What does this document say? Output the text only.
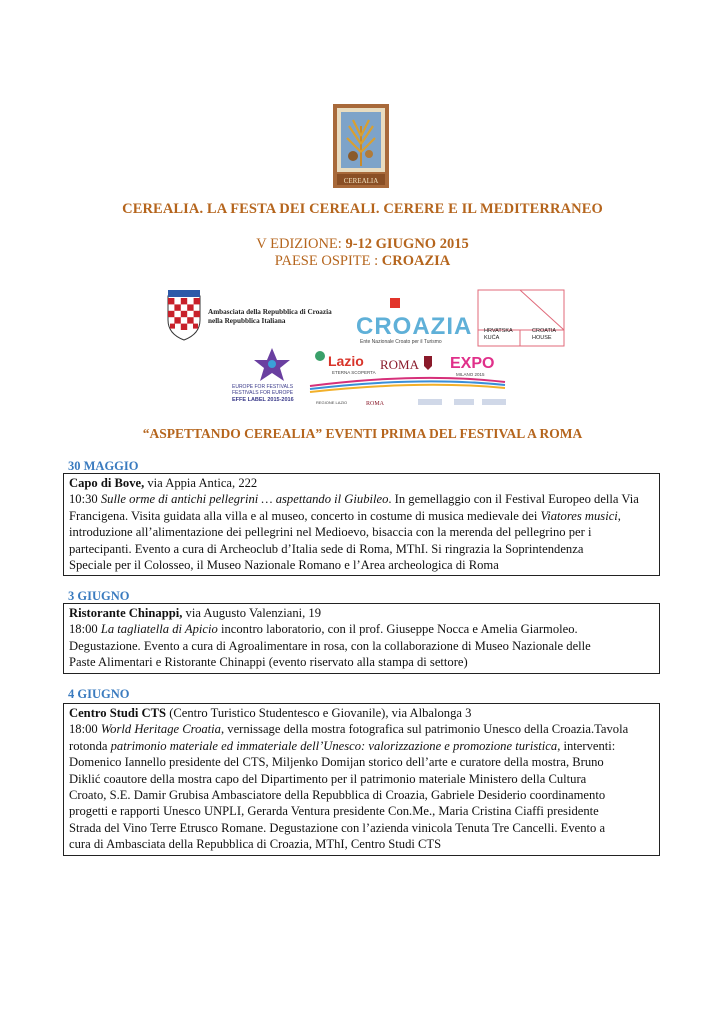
CEREALIA
CEREALIA. LA FESTA DEI CEREALI. CERERE E IL MEDITERRANEO
V EDIZIONE: 9-12 GIUGNO 2015
PAESE OSPITE : CROAZIA
Ambasciata della Repubblica di Croazia
nella Repubblica Italiana	CROAZIA
Ente Nazionale Croato per il Turismo
HRVATSKA
KUĆA
CROATIA
HOUSE
EUROPE FOR FESTIVALS
FESTIVALS FOR EUROPE
EFFE LABEL 2015-2016
Lazio
ETERNA SCOPERTA
ROMA EXPO
MILANO 2015
REGIONE LAZIO	ROMA
“ASPETTANDO CEREALIA” EVENTI PRIMA DEL FESTIVAL A ROMA
30 MAGGIO
Capo di Bove, via Appia Antica, 222
10:30 Sulle orme di antichi pellegrini … aspettando il Giubileo. In gemellaggio con il Festival Europeo della Via
Francigena. Visita guidata alla villa e al museo, concerto in costume di musica medievale dei Viatores musici,
introduzione all’alimentazione dei pellegrini nel Medioevo, bisaccia con la merenda del pellegrino per i
partecipanti. Evento a cura di Archeoclub d’Italia sede di Roma, MThI. Si ringrazia la Soprintendenza
Speciale per il Colosseo, il Museo Nazionale Romano e l’Area archeologica di Roma
3 GIUGNO
Ristorante Chinappi, via Augusto Valenziani, 19
18:00 La tagliatella di Apicio incontro laboratorio, con il prof. Giuseppe Nocca e Amelia Giarmoleo.
Degustazione. Evento a cura di Agroalimentare in rosa, con la collaborazione di Museo Nazionale delle
Paste Alimentari e Ristorante Chinappi (evento riservato alla stampa di settore)
4 GIUGNO
Centro Studi CTS (Centro Turistico Studentesco e Giovanile), via Albalonga 3
18:00 World Heritage Croatia, vernissage della mostra fotografica sul patrimonio Unesco della Croazia.Tavola
rotonda patrimonio materiale ed immateriale dell’Unesco: valorizzazione e promozione turistica, interventi:
Domenico Iannello presidente del CTS, Miljenko Domijan storico dell’arte e curatore della mostra, Bruno
Diklić coautore della mostra capo del Dipartimento per il patrimonio materiale Ministero della Cultura
Croato, S.E. Damir Grubisa Ambasciatore della Repubblica di Croazia, Gabriele Desiderio coordinamento
progetti e rapporti Unesco UNPLI, Gerarda Ventura presidente Con.Me., Maria Cristina Ciaffi presidente
Strada del Vino Terre Etrusco Romane. Degustazione con l’azienda vinicola Tenuta Tre Cancelli. Evento a
cura di Ambasciata della Repubblica di Croazia, MThI, Centro Studi CTS
